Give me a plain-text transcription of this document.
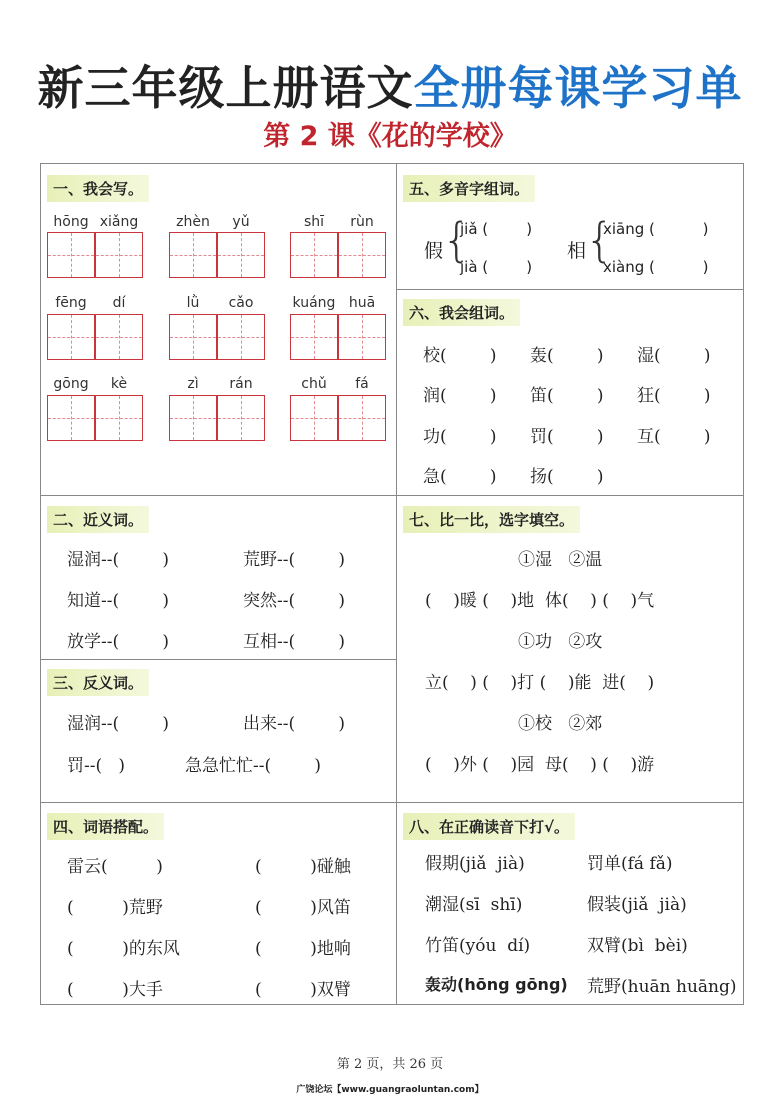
新三年级上册语文全册每课学习单
第 2 课《花的学校》
一、我会写。
hōng xiǎng	zhèn	yǔ	shī	rùn
fēng	dí	lǜ	cǎo	kuáng huā
gōng	kè	zì	rán	chǔ	fá
二、近义词。
湿润--(        )	荒野--(        )
知道--(        )	突然--(        )
放学--(        )	互相--(        )
三、反义词。
湿润--(        )	出来--(        )
罚--(   )	急急忙忙--(        )
四、词语搭配。
雷云(         )	(         )碰触
(         )荒野	(         )风笛
(         )的东风	(         )地响
(         )大手	(         )双臂
五、多音字组词。
假
{
jiǎ (        )
jià (        )
相
{
xiāng (          )
xiàng (          )
六、我会组词。
校(        ) 轰(        ) 湿(        )
润(        ) 笛(        ) 狂(        )
功(        ) 罚(        ) 互(        )
急(        ) 扬(        )
七、比一比，选字填空。
①湿   ②温
(    )暖 (    )地  体(    ) (    )气
①功   ②攻
立(    ) (    )打 (    )能  进(    )
①校   ②郊
(    )外 (    )园  母(    ) (    )游
八、在正确读音下打√。
假期(jiǎ  jià)	罚单(fá fǎ)
潮湿(sī  shī)	假装(jiǎ  jià)
竹笛(yóu  dí)	双臂(bì  bèi)
轰动(hōng gōng) 荒野(huān huāng)
第 2 页，共 26 页
广饶论坛【www.guangraoluntan.com】
